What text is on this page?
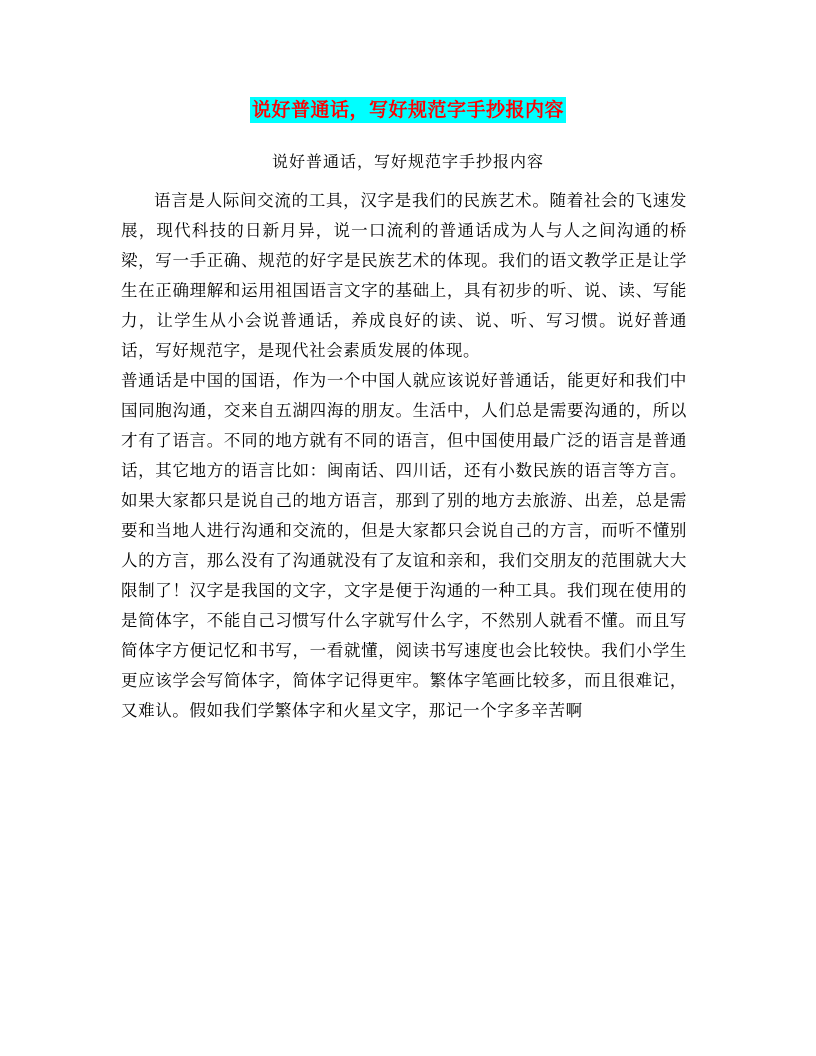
说好普通话，写好规范字手抄报内容
说好普通话，写好规范字手抄报内容

语言是人际间交流的工具，汉字是我们的民族艺术。随着社会的飞速发展，现代科技的日新月异，说一口流利的普通话成为人与人之间沟通的桥梁，写一手正确、规范的好字是民族艺术的体现。我们的语文教学正是让学生在正确理解和运用祖国语言文字的基础上，具有初步的听、说、读、写能力，让学生从小会说普通话，养成良好的读、说、听、写习惯。说好普通话，写好规范字，是现代社会素质发展的体现。

普通话是中国的国语，作为一个中国人就应该说好普通话，能更好和我们中国同胞沟通，交来自五湖四海的朋友。生活中，人们总是需要沟通的，所以才有了语言。不同的地方就有不同的语言，但中国使用最广泛的语言是普通话，其它地方的语言比如：闽南话、四川话，还有小数民族的语言等方言。如果大家都只是说自己的地方语言，那到了别的地方去旅游、出差，总是需要和当地人进行沟通和交流的，但是大家都只会说自己的方言，而听不懂别人的方言，那么没有了沟通就没有了友谊和亲和，我们交朋友的范围就大大限制了！汉字是我国的文字，文字是便于沟通的一种工具。我们现在使用的是简体字，不能自己习惯写什么字就写什么字，不然别人就看不懂。而且写简体字方便记忆和书写，一看就懂，阅读书写速度也会比较快。我们小学生更应该学会写简体字，简体字记得更牢。繁体字笔画比较多，而且很难记，又难认。假如我们学繁体字和火星文字，那记一个字多辛苦啊
